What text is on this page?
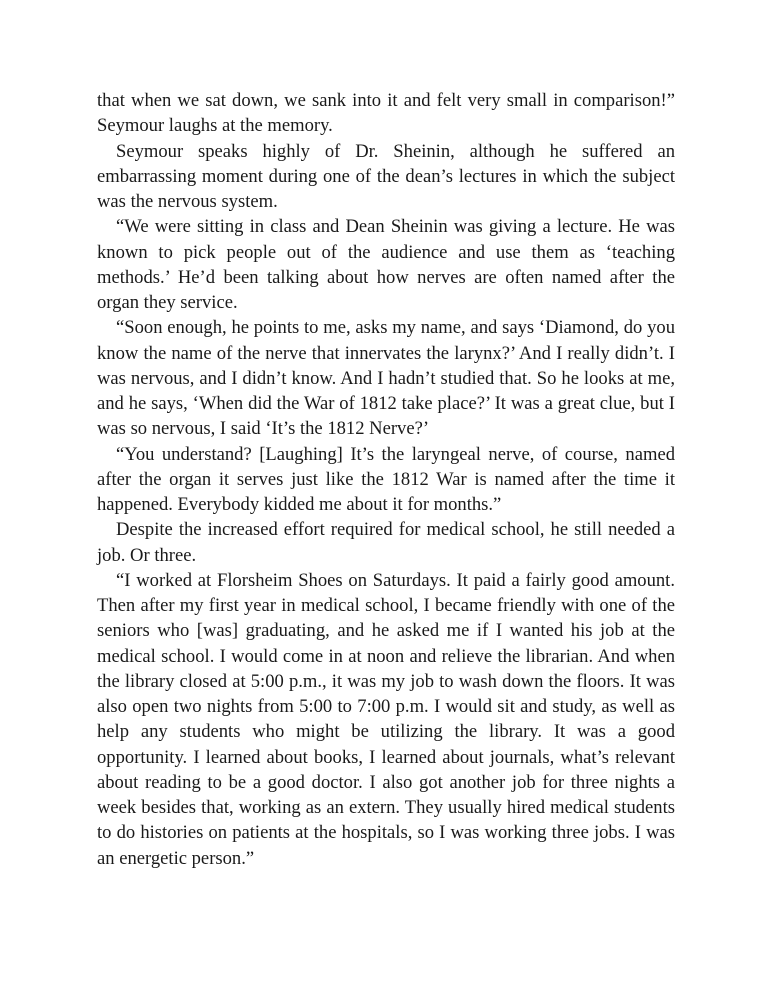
that when we sat down, we sank into it and felt very small in comparison!” Seymour laughs at the memory.

Seymour speaks highly of Dr. Sheinin, although he suffered an embarrassing moment during one of the dean’s lectures in which the subject was the nervous system.

“We were sitting in class and Dean Sheinin was giving a lecture. He was known to pick people out of the audience and use them as ‘teaching methods.’ He’d been talking about how nerves are often named after the organ they service.

“Soon enough, he points to me, asks my name, and says ‘Diamond, do you know the name of the nerve that innervates the larynx?’ And I really didn’t. I was nervous, and I didn’t know. And I hadn’t studied that. So he looks at me, and he says, ‘When did the War of 1812 take place?’ It was a great clue, but I was so nervous, I said ‘It’s the 1812 Nerve?’

“You understand? [Laughing] It’s the laryngeal nerve, of course, named after the organ it serves just like the 1812 War is named after the time it happened. Everybody kidded me about it for months.”

Despite the increased effort required for medical school, he still needed a job. Or three.

“I worked at Florsheim Shoes on Saturdays. It paid a fairly good amount. Then after my first year in medical school, I became friendly with one of the seniors who [was] graduating, and he asked me if I wanted his job at the medical school. I would come in at noon and relieve the librarian. And when the library closed at 5:00 p.m., it was my job to wash down the floors. It was also open two nights from 5:00 to 7:00 p.m. I would sit and study, as well as help any students who might be utilizing the library. It was a good opportunity. I learned about books, I learned about journals, what’s relevant about reading to be a good doctor. I also got another job for three nights a week besides that, working as an extern. They usually hired medical students to do histories on patients at the hospitals, so I was working three jobs. I was an energetic person.”
